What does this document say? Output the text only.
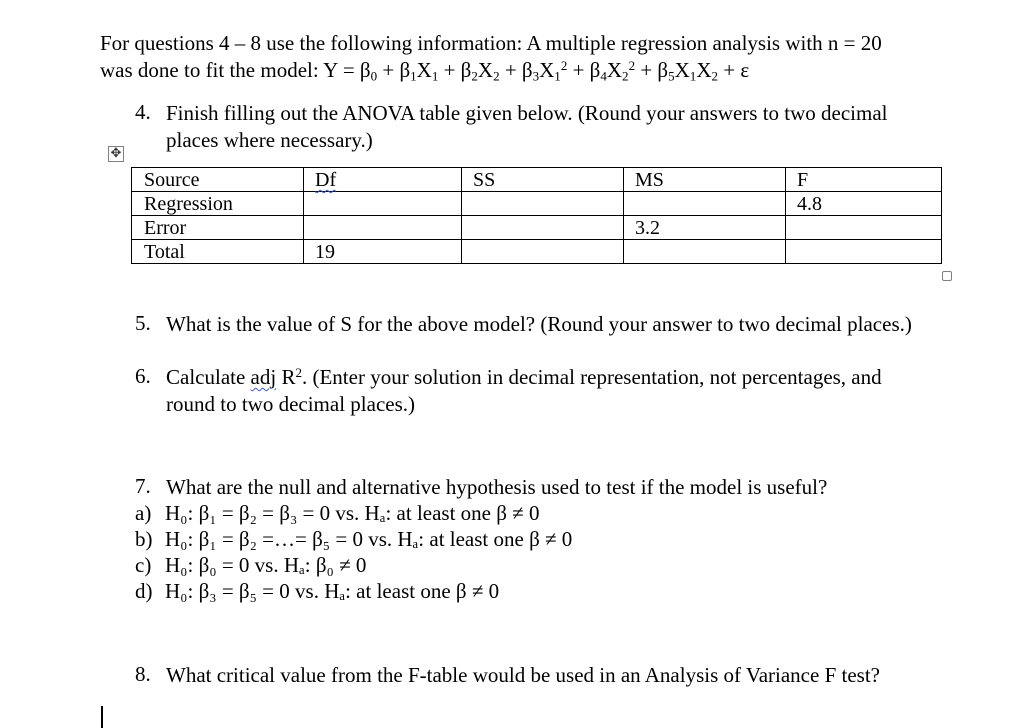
For questions 4 – 8 use the following information: A multiple regression analysis with n = 20
was done to fit the model: $Y = \beta_0 + \beta_1X_1 + \beta_2X_2 + \beta_3X_1^2 + \beta_4X_2^2 + \beta_5X_1X_2 + \varepsilon$
4. Finish filling out the ANOVA table given below. (Round your answers to two decimal
places where necessary.)
✥
Source	Df	SS	MS	F
Regression				4.8
Error			3.2	
Total	19			
5. What is the value of S for the above model? (Round your answer to two decimal places.)
6. Calculate adj $R^2$. (Enter your solution in decimal representation, not percentages, and
round to two decimal places.)
7. What are the null and alternative hypothesis used to test if the model is useful?
a) H₀: β₁ = β₂ = β₃ = 0 vs. Hₐ: at least one β ≠ 0
b) H₀: β₁ = β₂ =…= β₅ = 0 vs. Hₐ: at least one β ≠ 0
c) H₀: β₀ = 0 vs. Hₐ: β₀ ≠ 0
d) H₀: β₃ = β₅ = 0 vs. Hₐ: at least one β ≠ 0
8. What critical value from the F-table would be used in an Analysis of Variance F test?
